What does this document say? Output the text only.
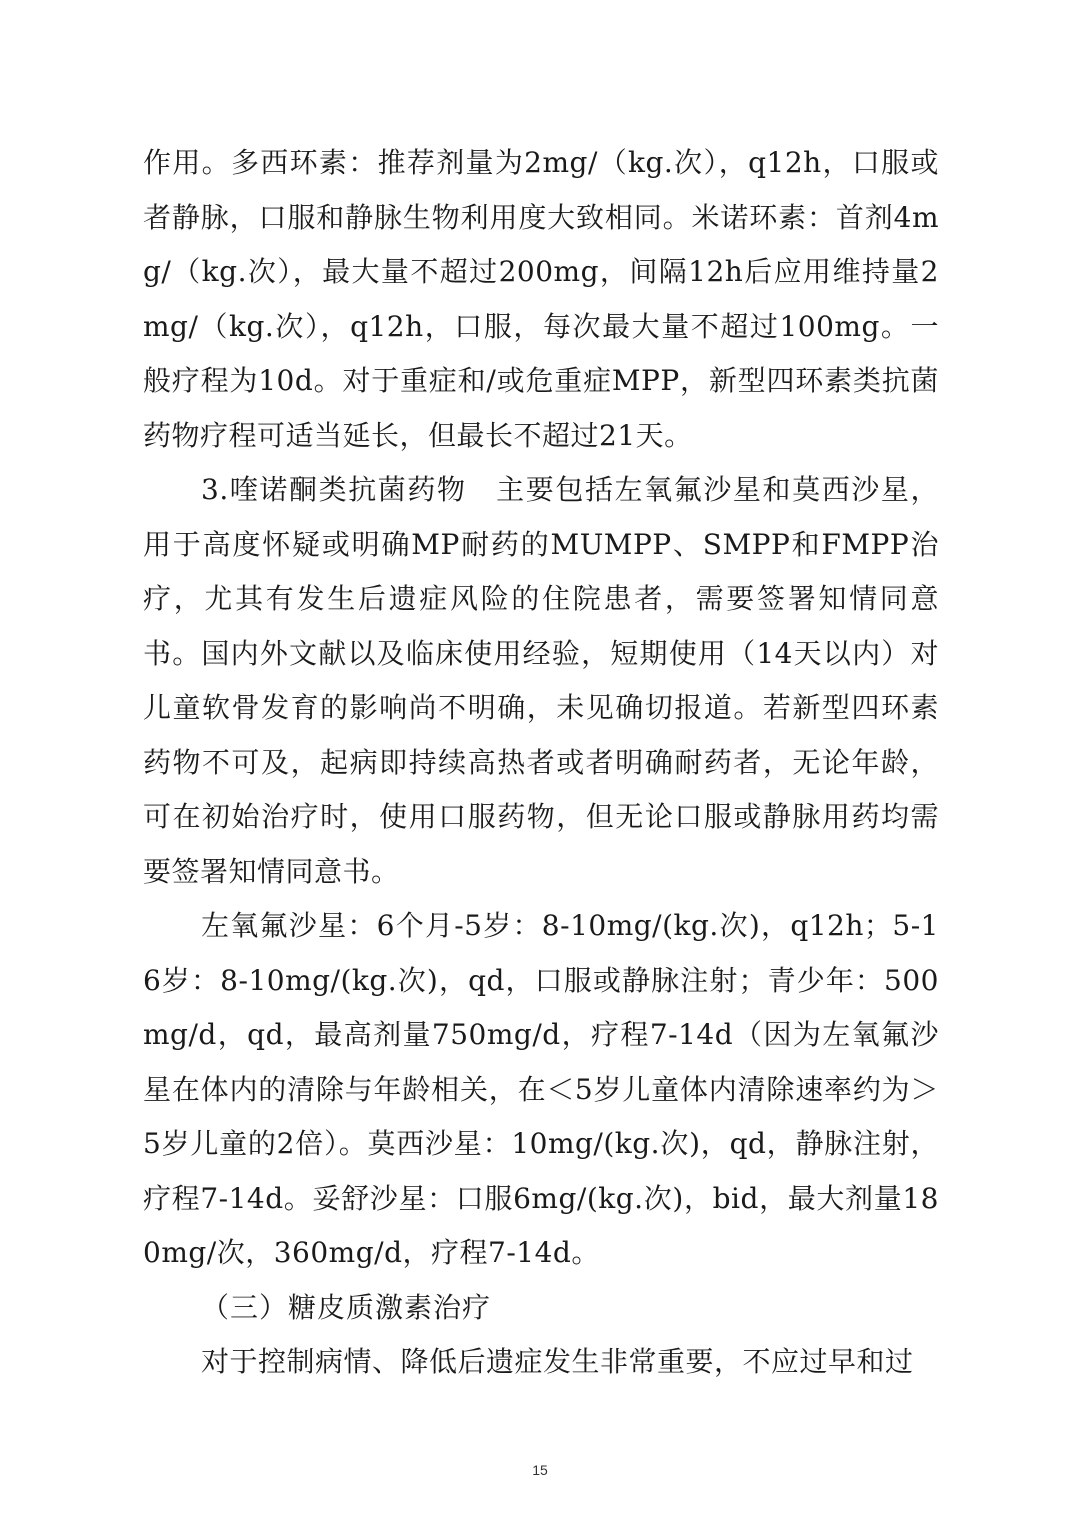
作用。多西环素：推荐剂量为2mg/（kg.次），q12h，口服或者静脉，口服和静脉生物利用度大致相同。米诺环素：首剂4mg/（kg.次），最大量不超过200mg，间隔12h后应用维持量2mg/（kg.次），q12h，口服，每次最大量不超过100mg。一般疗程为10d。对于重症和/或危重症MPP，新型四环素类抗菌药物疗程可适当延长，但最长不超过21天。

3.喹诺酮类抗菌药物　主要包括左氧氟沙星和莫西沙星，用于高度怀疑或明确MP耐药的MUMPP、SMPP和FMPP治疗，尤其有发生后遗症风险的住院患者，需要签署知情同意书。国内外文献以及临床使用经验，短期使用（14天以内）对儿童软骨发育的影响尚不明确，未见确切报道。若新型四环素药物不可及，起病即持续高热者或者明确耐药者，无论年龄，可在初始治疗时，使用口服药物，但无论口服或静脉用药均需要签署知情同意书。

左氧氟沙星：6个月-5岁：8-10mg/(kg.次)，q12h；5-16岁：8-10mg/(kg.次)，qd，口服或静脉注射；青少年：500mg/d，qd，最高剂量750mg/d，疗程7-14d（因为左氧氟沙星在体内的清除与年龄相关，在＜5岁儿童体内清除速率约为＞5岁儿童的2倍）。莫西沙星：10mg/(kg.次)，qd，静脉注射，疗程7-14d。妥舒沙星：口服6mg/(kg.次)，bid，最大剂量180mg/次，360mg/d，疗程7-14d。

（三）糖皮质激素治疗

对于控制病情、降低后遗症发生非常重要，不应过早和过

15
